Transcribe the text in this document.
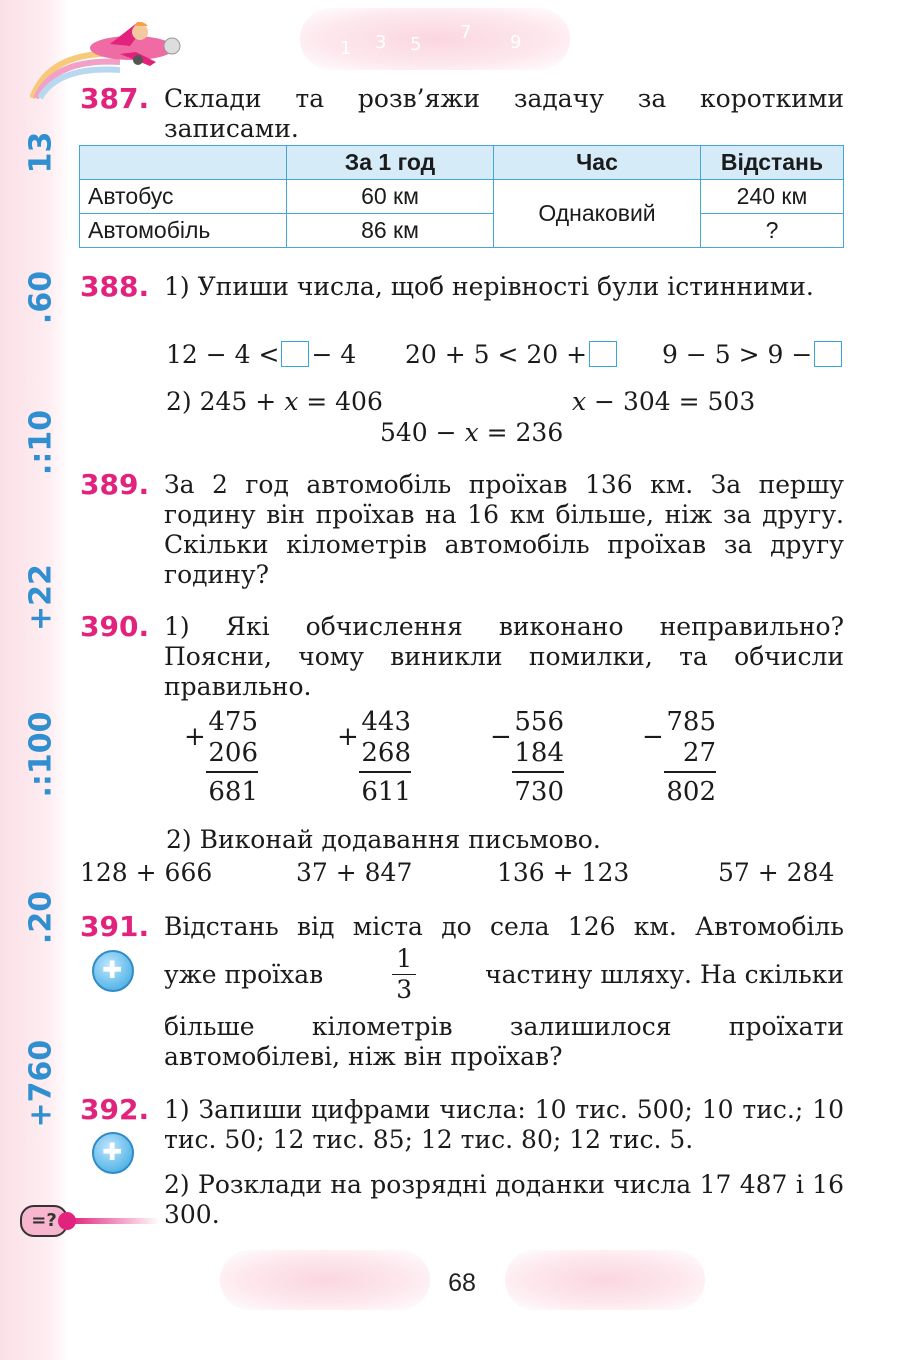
13
.60
.:10
+22
.:100
.20
+760
1 3 5
7 9
387. Склади та розв’яжи задачу за короткими записами.
	За 1 год	Час	Відстань
Автобус	60 км	Однаковий	240 км
Автомобіль	86 км		?
388. 1) Упиши числа, щоб нерівності були істинними.
12 − 4 < − 4 20 + 5 < 20 +	9 − 5 > 9 −
2) 245 + x = 406	x − 304 = 503
540 − x = 236
389. За 2 год автомобіль проїхав 136 км. За першу годину він проїхав на 16 км більше, ніж за другу. Скільки кілометрів автомобіль проїхав за другу годину?
390. 1) Які обчислення виконано неправильно? Поясни, чому виникли помилки, та обчисли правильно.
+ 475
206
681
+ 443
268
611
− 556
184
730
− 785
27
802
2) Виконай додавання письмово.
128 + 666	37 + 847	136 + 123	57 + 284
391.
✚ Відстань від міста до села 126 км. Автомобіль
уже проїхав	$\frac{1}{3}$	частину шляху. На скільки
більше кілометрів залишилося проїхати автомобілеві, ніж він проїхав?
392.
✚ 1) Запиши цифрами числа: 10 тис. 500; 10 тис.; 10 тис. 50; 12 тис. 85; 12 тис. 80; 12 тис. 5.
2) Розклади на розрядні доданки числа 17 487 і 16 300.
=?
68
